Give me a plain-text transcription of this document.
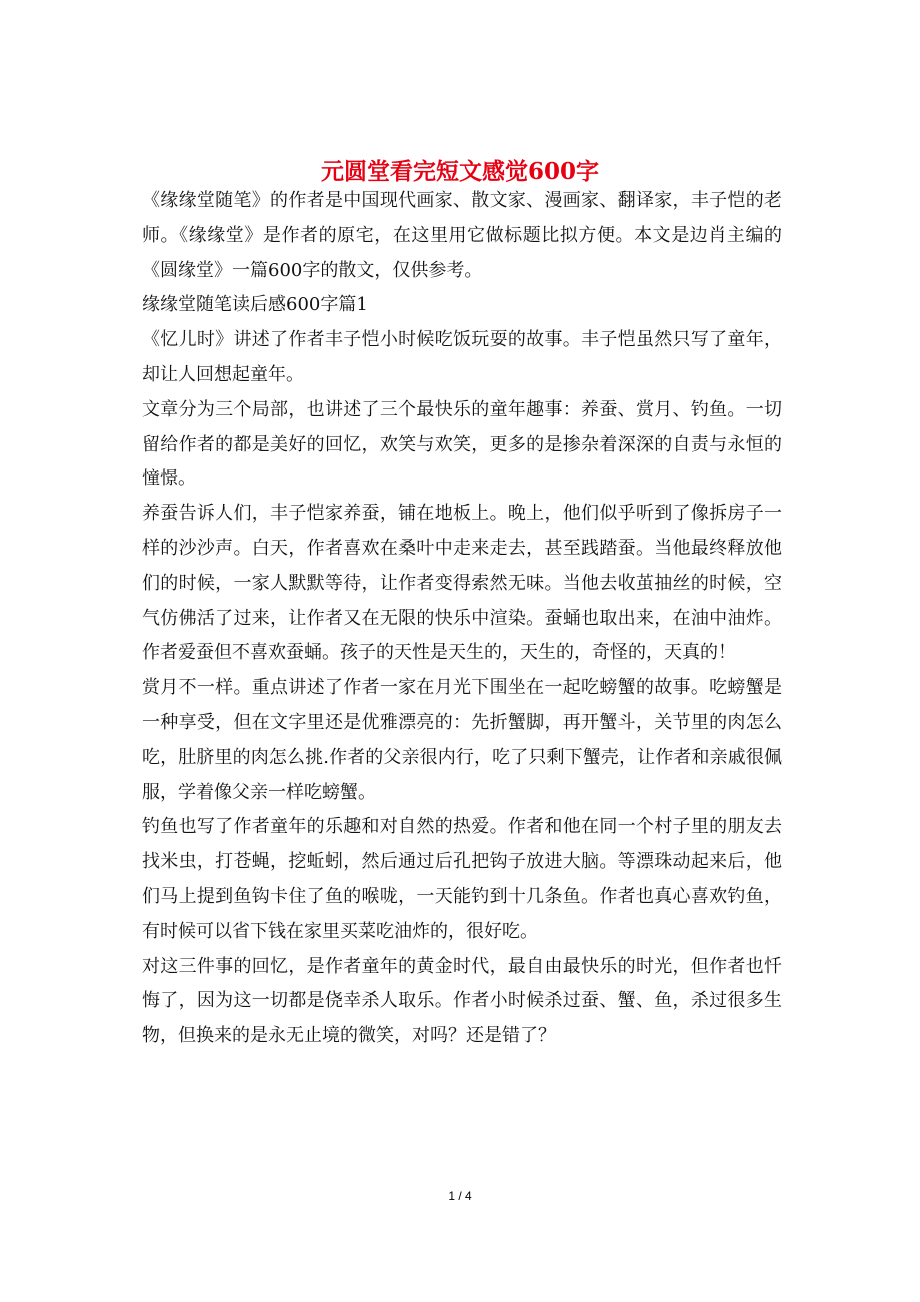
元圆堂看完短文感觉600字

《缘缘堂随笔》的作者是中国现代画家、散文家、漫画家、翻译家，丰子恺的老师。《缘缘堂》是作者的原宅，在这里用它做标题比拟方便。本文是边肖主编的《圆缘堂》一篇600字的散文，仅供参考。

缘缘堂随笔读后感600字篇1

《忆儿时》讲述了作者丰子恺小时候吃饭玩耍的故事。丰子恺虽然只写了童年，却让人回想起童年。

文章分为三个局部，也讲述了三个最快乐的童年趣事：养蚕、赏月、钓鱼。一切留给作者的都是美好的回忆，欢笑与欢笑，更多的是掺杂着深深的自责与永恒的憧憬。

养蚕告诉人们，丰子恺家养蚕，铺在地板上。晚上，他们似乎听到了像拆房子一样的沙沙声。白天，作者喜欢在桑叶中走来走去，甚至践踏蚕。当他最终释放他们的时候，一家人默默等待，让作者变得索然无味。当他去收茧抽丝的时候，空气仿佛活了过来，让作者又在无限的快乐中渲染。蚕蛹也取出来，在油中油炸。作者爱蚕但不喜欢蚕蛹。孩子的天性是天生的，天生的，奇怪的，天真的！

赏月不一样。重点讲述了作者一家在月光下围坐在一起吃螃蟹的故事。吃螃蟹是一种享受，但在文字里还是优雅漂亮的：先折蟹脚，再开蟹斗，关节里的肉怎么吃，肚脐里的肉怎么挑.作者的父亲很内行，吃了只剩下蟹壳，让作者和亲戚很佩服，学着像父亲一样吃螃蟹。

钓鱼也写了作者童年的乐趣和对自然的热爱。作者和他在同一个村子里的朋友去找米虫，打苍蝇，挖蚯蚓，然后通过后孔把钩子放进大脑。等漂珠动起来后，他们马上提到鱼钩卡住了鱼的喉咙，一天能钓到十几条鱼。作者也真心喜欢钓鱼，有时候可以省下钱在家里买菜吃油炸的，很好吃。

对这三件事的回忆，是作者童年的黄金时代，最自由最快乐的时光，但作者也忏悔了，因为这一切都是侥幸杀人取乐。作者小时候杀过蚕、蟹、鱼，杀过很多生物，但换来的是永无止境的微笑，对吗？还是错了？

1 / 4
